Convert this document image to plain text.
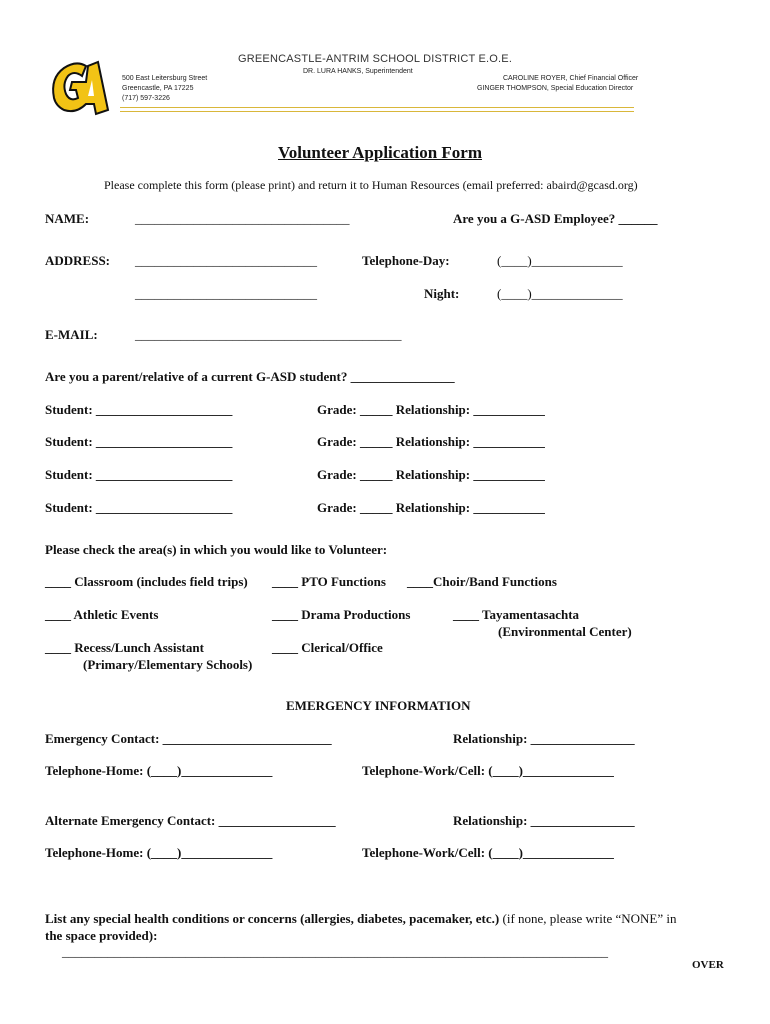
GREENCASTLE-ANTRIM SCHOOL DISTRICT E.O.E.
DR. LURA HANKS, Superintendent
500 East Leitersburg Street
Greencastle, PA 17225
(717) 597-3226
CAROLINE ROYER, Chief Financial Officer
GINGER THOMPSON, Special Education Director
Volunteer Application Form
Please complete this form (please print) and return it to Human Resources (email preferred: abaird@gcasd.org)
NAME:	_________________________________	Are you a G-ASD Employee? ______
ADDRESS: ____________________________	Telephone-Day:	(____)______________
____________________________	Night:	(____)______________
E-MAIL:	_________________________________________
Are you a parent/relative of a current G-ASD student? ________________
Student: _____________________	Grade: _____ Relationship: ___________
Student: _____________________	Grade: _____ Relationship: ___________
Student: _____________________	Grade: _____ Relationship: ___________
Student: _____________________	Grade: _____ Relationship: ___________
Please check the area(s) in which you would like to Volunteer:
____ Classroom (includes field trips) ____ PTO Functions ____Choir/Band Functions
____ Athletic Events	____ Drama Productions	____ Tayamentasachta
(Environmental Center)
____ Recess/Lunch Assistant
(Primary/Elementary Schools)
____ Clerical/Office
EMERGENCY INFORMATION
Emergency Contact: __________________________	Relationship: ________________
Telephone-Home: (____)______________	Telephone-Work/Cell: (____)______________
Alternate Emergency Contact: __________________	Relationship: ________________
Telephone-Home: (____)______________	Telephone-Work/Cell: (____)______________
List any special health conditions or concerns (allergies, diabetes, pacemaker, etc.) (if none, please write “NONE” in
the space provided):
____________________________________________________________________________________
OVER
